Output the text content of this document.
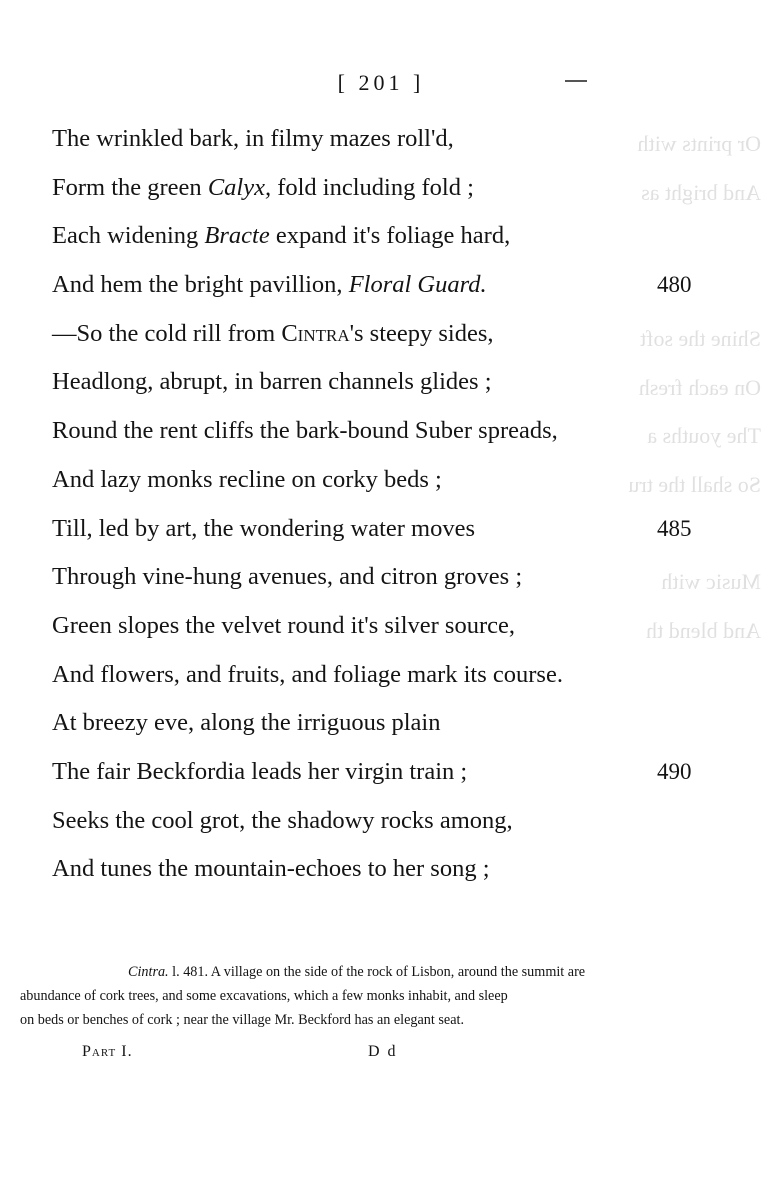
Or prints with
And bright as

Shine the soft
On each fresh
The youths a
So shall the tru

Music with
And blend th
[ 201 ]
The wrinkled bark, in filmy mazes roll'd,
Form the green Calyx, fold including fold ;
Each widening Bracte expand it's foliage hard,
And hem the bright pavillion, Floral Guard.	480
—So the cold rill from Cintra's steepy sides,
Headlong, abrupt, in barren channels glides ;
Round the rent cliffs the bark-bound Suber spreads,
And lazy monks recline on corky beds ;
Till, led by art, the wondering water moves	485
Through vine-hung avenues, and citron groves ;
Green slopes the velvet round it's silver source,
And flowers, and fruits, and foliage mark its course.
At breezy eve, along the irriguous plain
The fair Beckfordia leads her virgin train ;	490
Seeks the cool grot, the shadowy rocks among,
And tunes the mountain-echoes to her song ;

Cintra. l. 481. A village on the side of the rock of Lisbon, around the summit are

abundance of cork trees, and some excavations, which a few monks inhabit, and sleep

on beds or benches of cork ; near the village Mr. Beckford has an elegant seat.

Part I.	D d
